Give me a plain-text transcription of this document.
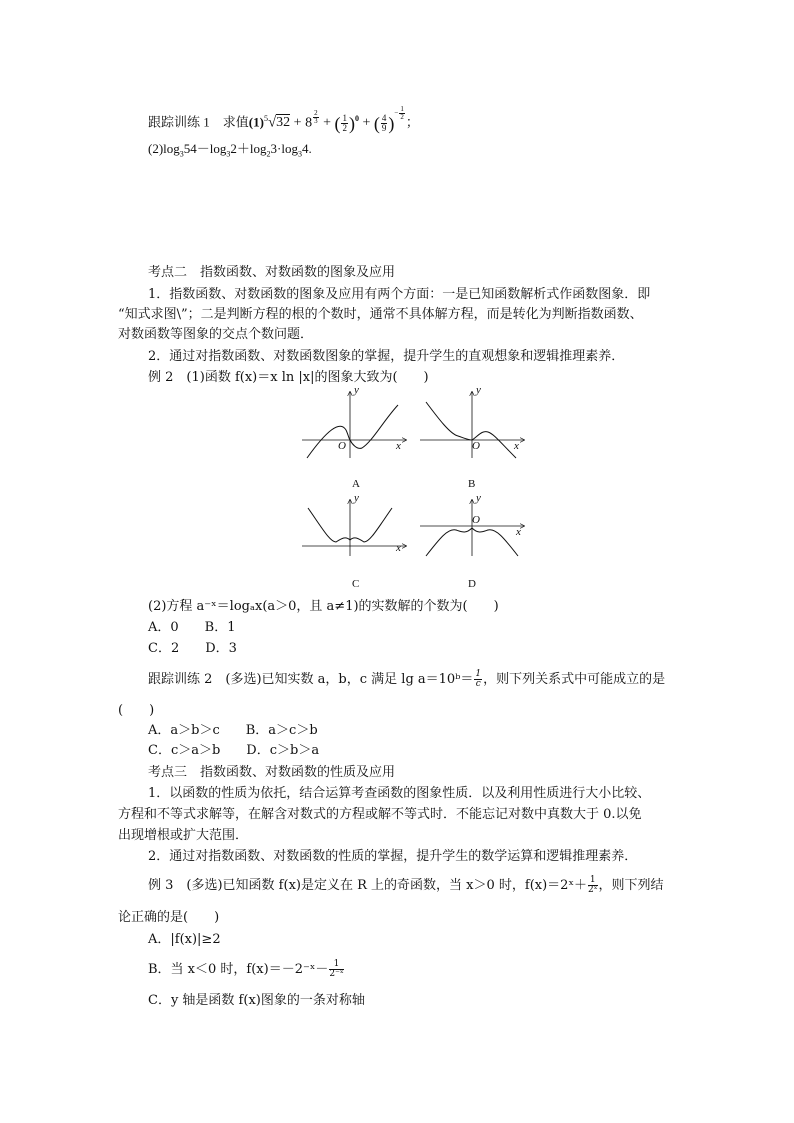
跟踪训练 1　求值$(1)^5√32 + 8 \frac{2}{3}$ + ( $\frac{1}{2} )^0$ + ( $\frac{4}{9}$ )− $\frac{1}{2}$
；
$(2)\log_354-\log_32+\log_23\cdot\log_34$.
考点二　指数函数、对数函数的图象及应用
1．指数函数、对数函数的图象及应用有两个方面：一是已知函数解析式作函数图象．即
“知式求图\”；二是判断方程的根的个数时，通常不具体解方程，而是转化为判断指数函数、
对数函数等图象的交点个数问题．
2．通过对指数函数、对数函数图象的掌握，提升学生的直观想象和逻辑推理素养．
例 2　(1)函数 f(x)＝x ln |x|的图象大致为(　　)
y
x
O
A
y
x
O
B
y
x
C
y
x
O
D
(2)方程 a⁻ˣ＝logₐx(a＞0，且 a≠1)的实数解的个数为(　　)
A．0　　B．1
C．2　　D．3
跟踪训练 2　(多选)已知实数 a，b，c 满足 lg a＝10ᵇ＝ $\frac{1}{c}$ ，则下列关系式中可能成立的是
(　　)
A．a＞b＞c　　B．a＞c＞b
C．c＞a＞b　　D．c＞b＞a
考点三　指数函数、对数函数的性质及应用
1．以函数的性质为依托，结合运算考查函数的图象性质．以及利用性质进行大小比较、
方程和不等式求解等，在解含对数式的方程或解不等式时．不能忘记对数中真数大于 0.以免
出现增根或扩大范围．
2．通过对指数函数、对数函数的性质的掌握，提升学生的数学运算和逻辑推理素养．
例 3　(多选)已知函数 f(x)是定义在 R 上的奇函数，当 x＞0 时，f(x)＝2ˣ＋ $\frac{1}{\text{2ˣ}}$ ，则下列结
论正确的是(　　)
A．|f(x)|≥2
B．当 x＜0 时，f(x)＝－2⁻ˣ－ $\frac{1}{\text{2⁻ˣ}}$
C．y 轴是函数 f(x)图象的一条对称轴
